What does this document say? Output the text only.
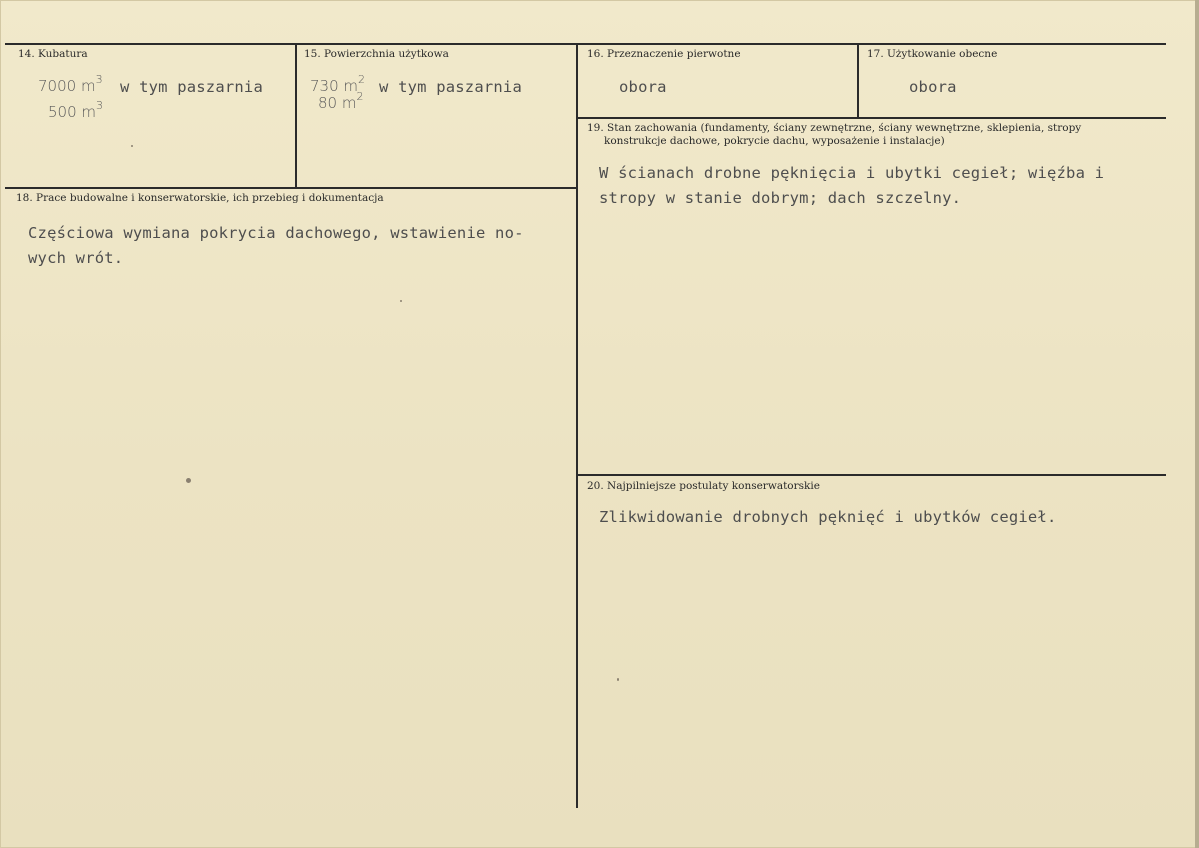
14. Kubatura
7000 $m^3$ w tym paszarnia
500 $m^3$
15. Powierzchnia użytkowa
730 $m^2$ w tym paszarnia
80 $m^2$
16. Przeznaczenie pierwotne
obora
17. Użytkowanie obecne
obora
18. Prace budowalne i konserwatorskie, ich przebieg i dokumentacja
Częściowa wymiana pokrycia dachowego, wstawienie no-
wych wrót.
19. Stan zachowania (fundamenty, ściany zewnętrzne, ściany wewnętrzne, sklepienia, stropy
konstrukcje dachowe, pokrycie dachu, wyposażenie i instalacje)
W ścianach drobne pęknięcia i ubytki cegieł; więźba i
stropy w stanie dobrym; dach szczelny.
20. Najpilniejsze postulaty konserwatorskie
Zlikwidowanie drobnych pęknięć i ubytków cegieł.
